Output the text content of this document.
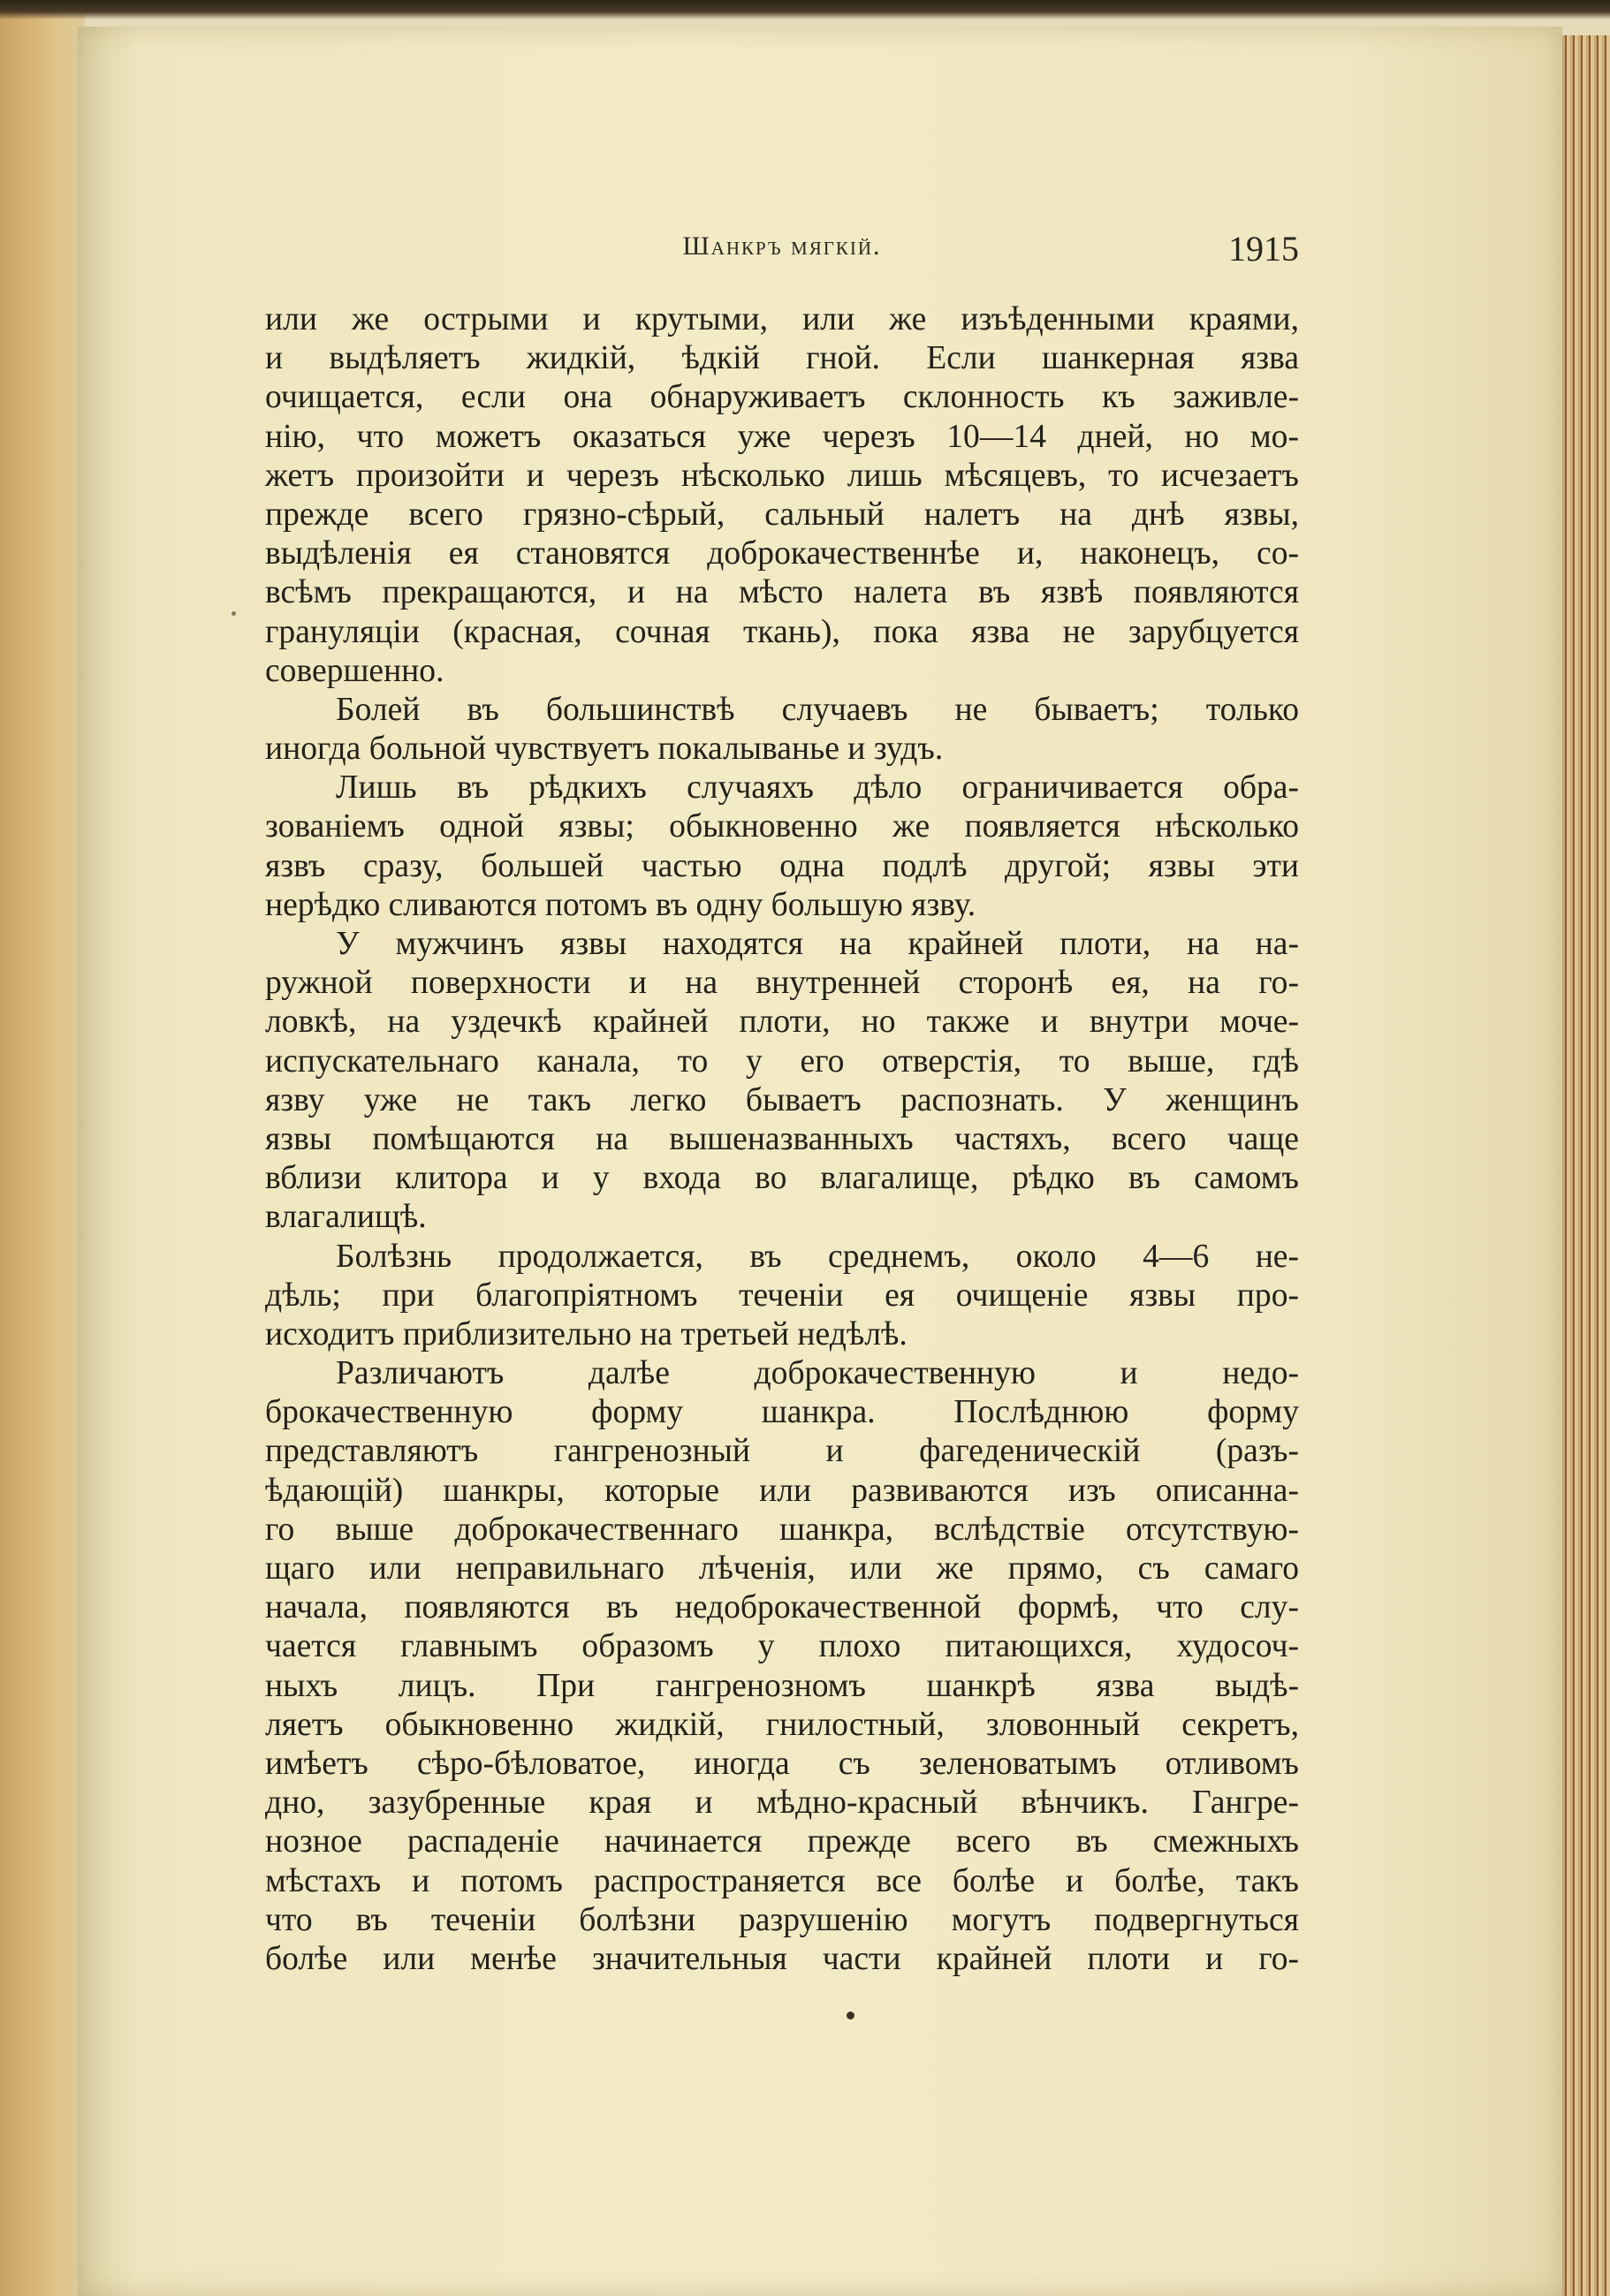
Шанкръ мягкій.	1915
или же острыми и крутыми, или же изъѣденными краями,
и выдѣляетъ жидкій, ѣдкій гной. Если шанкерная язва
очищается, если она обнаруживаетъ склонность къ заживле-
нію, что можетъ оказаться уже черезъ 10—14 дней, но мо-
жетъ произойти и черезъ нѣсколько лишь мѣсяцевъ, то исчезаетъ
прежде всего грязно-сѣрый, сальный налетъ на днѣ язвы,
выдѣленія ея становятся доброкачественнѣе и, наконецъ, со-
всѣмъ прекращаются, и на мѣсто налета въ язвѣ появляются
грануляціи (красная, сочная ткань), пока язва не зарубцуется
совершенно.
Болей въ большинствѣ случаевъ не бываетъ; только
иногда больной чувствуетъ покалыванье и зудъ.
Лишь въ рѣдкихъ случаяхъ дѣло ограничивается обра-
зованіемъ одной язвы; обыкновенно же появляется нѣсколько
язвъ сразу, большей частью одна подлѣ другой; язвы эти
нерѣдко сливаются потомъ въ одну большую язву.
У мужчинъ язвы находятся на крайней плоти, на на-
ружной поверхности и на внутренней сторонѣ ея, на го-
ловкѣ, на уздечкѣ крайней плоти, но также и внутри моче-
испускательнаго канала, то у его отверстія, то выше, гдѣ
язву уже не такъ легко бываетъ распознать. У женщинъ
язвы помѣщаются на вышеназванныхъ частяхъ, всего чаще
вблизи клитора и у входа во влагалище, рѣдко въ самомъ
влагалищѣ.
Болѣзнь продолжается, въ среднемъ, около 4—6 не-
дѣль; при благопріятномъ теченіи ея очищеніе язвы про-
исходитъ приблизительно на третьей недѣлѣ.
Различаютъ далѣе доброкачественную и недо-
брокачественную форму шанкра. Послѣднюю форму
представляютъ гангренозный и фагеденическій (разъ-
ѣдающій) шанкры, которые или развиваются изъ описанна-
го выше доброкачественнаго шанкра, вслѣдствіе отсутствую-
щаго или неправильнаго лѣченія, или же прямо, съ самаго
начала, появляются въ недоброкачественной формѣ, что слу-
чается главнымъ образомъ у плохо питающихся, худосоч-
ныхъ лицъ. При гангренозномъ шанкрѣ язва выдѣ-
ляетъ обыкновенно жидкій, гнилостный, зловонный секретъ,
имѣетъ сѣро-бѣловатое, иногда съ зеленоватымъ отливомъ
дно, зазубренные края и мѣдно-красный вѣнчикъ. Гангре-
нозное распаденіе начинается прежде всего въ смежныхъ
мѣстахъ и потомъ распространяется все болѣе и болѣе, такъ
что въ теченіи болѣзни разрушенію могутъ подвергнуться
болѣе или менѣе значительныя части крайней плоти и го-
